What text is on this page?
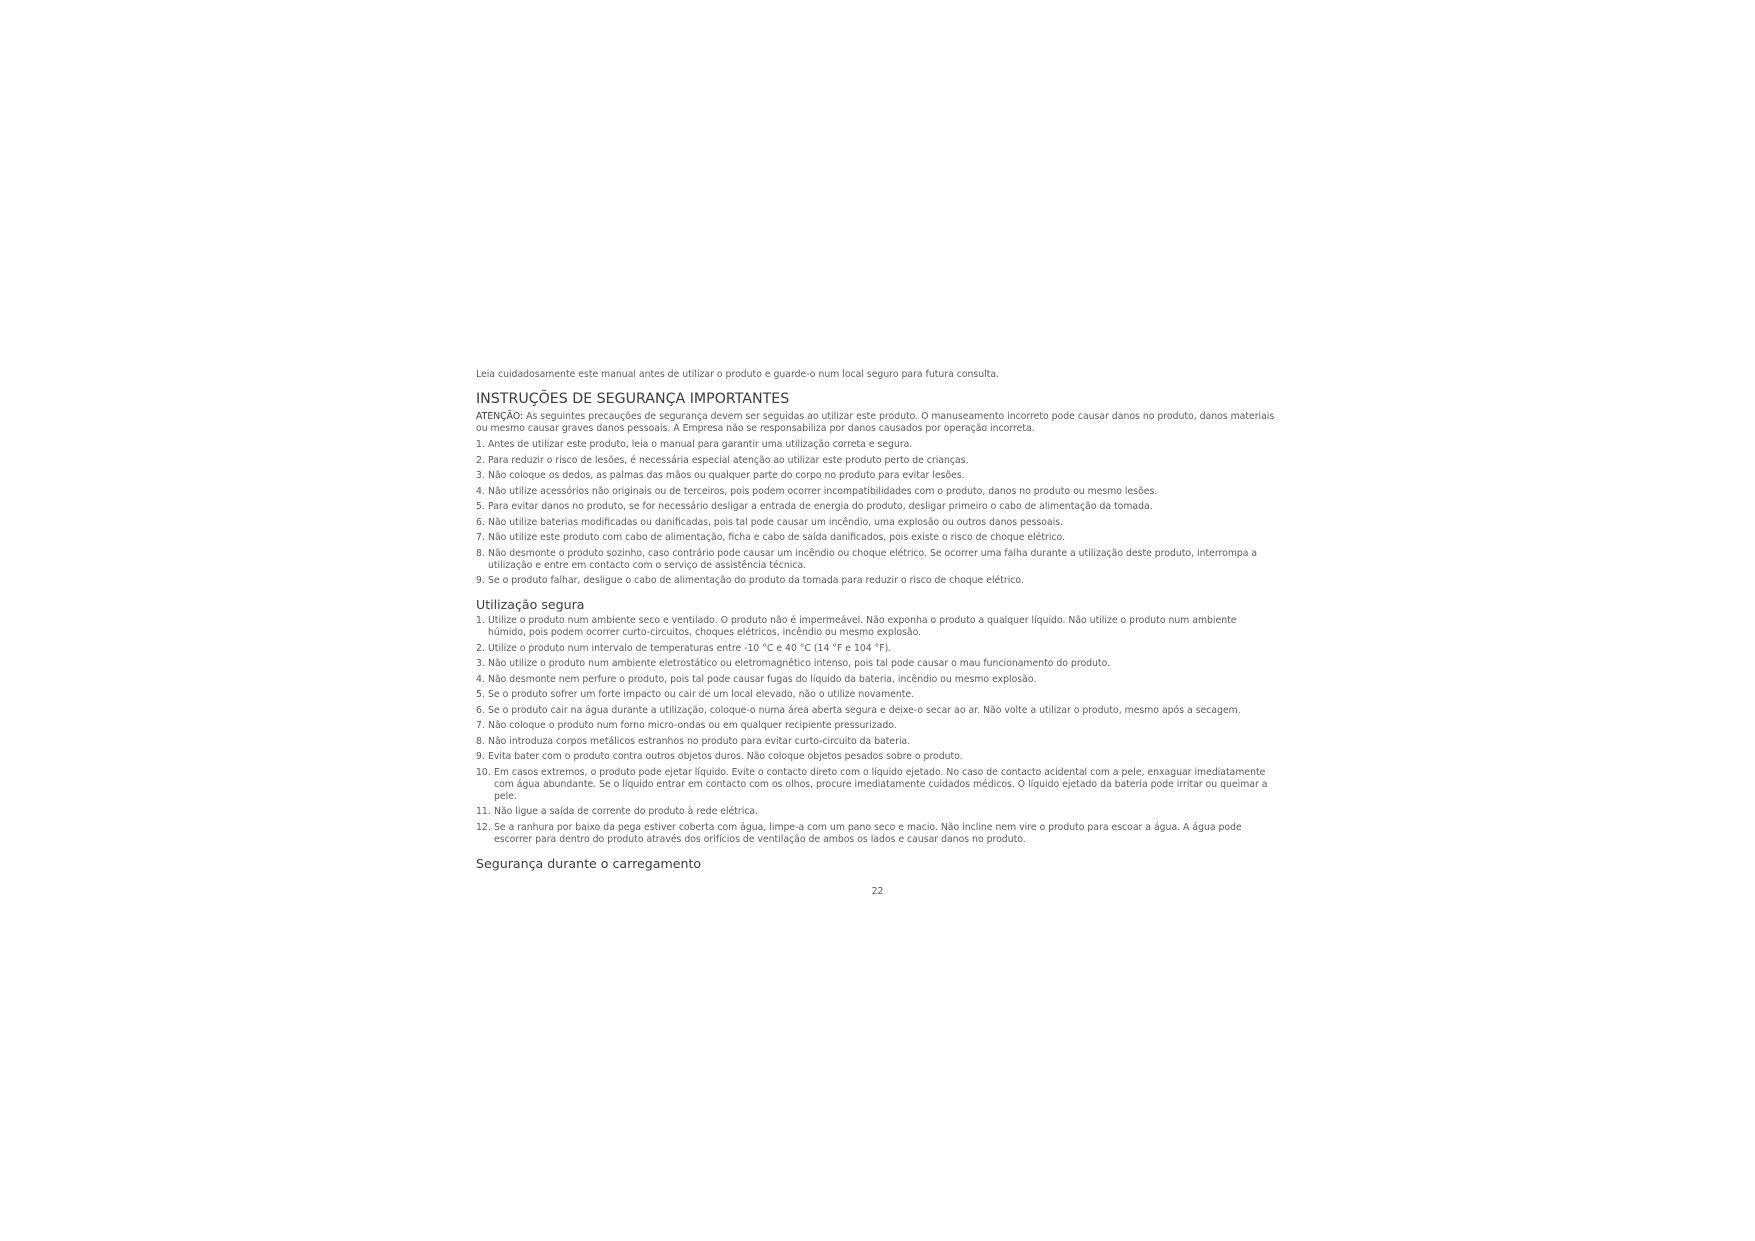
Leia cuidadosamente este manual antes de utilizar o produto e guarde-o num local seguro para futura consulta.

INSTRUÇÕES DE SEGURANÇA IMPORTANTES

ATENÇÃO: As seguintes precauções de segurança devem ser seguidas ao utilizar este produto. O manuseamento incorreto pode causar danos no produto, danos materiais ou mesmo causar graves danos pessoais. A Empresa não se responsabiliza por danos causados por operação incorreta.

1. Antes de utilizar este produto, leia o manual para garantir uma utilização correta e segura.
2. Para reduzir o risco de lesões, é necessária especial atenção ao utilizar este produto perto de crianças.
3. Não coloque os dedos, as palmas das mãos ou qualquer parte do corpo no produto para evitar lesões.
4. Não utilize acessórios não originais ou de terceiros, pois podem ocorrer incompatibilidades com o produto, danos no produto ou mesmo lesões.
5. Para evitar danos no produto, se for necessário desligar a entrada de energia do produto, desligar primeiro o cabo de alimentação da tomada.
6. Não utilize baterias modificadas ou danificadas, pois tal pode causar um incêndio, uma explosão ou outros danos pessoais.
7. Não utilize este produto com cabo de alimentação, ficha e cabo de saída danificados, pois existe o risco de choque elétrico.
8. Não desmonte o produto sozinho, caso contrário pode causar um incêndio ou choque elétrico. Se ocorrer uma falha durante a utilização deste produto, interrompa a utilização e entre em contacto com o serviço de assistência técnica.
9. Se o produto falhar, desligue o cabo de alimentação do produto da tomada para reduzir o risco de choque elétrico.
Utilização segura
1. Utilize o produto num ambiente seco e ventilado. O produto não é impermeável. Não exponha o produto a qualquer líquido. Não utilize o produto num ambiente húmido, pois podem ocorrer curto-circuitos, choques elétricos, incêndio ou mesmo explosão.
2. Utilize o produto num intervalo de temperaturas entre -10 °C e 40 °C (14 °F e 104 °F).
3. Não utilize o produto num ambiente eletrostático ou eletromagnético intenso, pois tal pode causar o mau funcionamento do produto.
4. Não desmonte nem perfure o produto, pois tal pode causar fugas do líquido da bateria, incêndio ou mesmo explosão.
5. Se o produto sofrer um forte impacto ou cair de um local elevado, não o utilize novamente.
6. Se o produto cair na água durante a utilização, coloque-o numa área aberta segura e deixe-o secar ao ar. Não volte a utilizar o produto, mesmo após a secagem.
7. Não coloque o produto num forno micro-ondas ou em qualquer recipiente pressurizado.
8. Não introduza corpos metálicos estranhos no produto para evitar curto-circuito da bateria.
9. Evita bater com o produto contra outros objetos duros. Não coloque objetos pesados sobre o produto.
10. Em casos extremos, o produto pode ejetar líquido. Evite o contacto direto com o líquido ejetado. No caso de contacto acidental com a pele, enxaguar imediatamente com água abundante. Se o líquido entrar em contacto com os olhos, procure imediatamente cuidados médicos. O líquido ejetado da bateria pode irritar ou queimar a pele.
11. Não ligue a saída de corrente do produto à rede elétrica.
12. Se a ranhura por baixo da pega estiver coberta com água, limpe-a com um pano seco e macio. Não incline nem vire o produto para escoar a água. A água pode escorrer para dentro do produto através dos orifícios de ventilação de ambos os lados e causar danos no produto.
Segurança durante o carregamento
22
